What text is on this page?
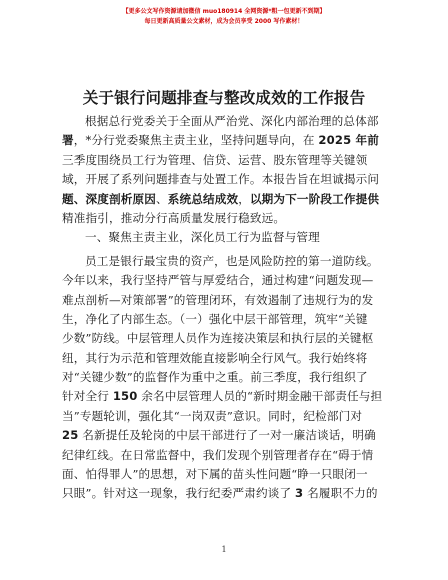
【更多公文写作资源请加微信 muo180914 全网资源*粗一包更新不到期】
每日更新高质量公文素材，成为会员享受 2000 写作素材！
关于银行问题排查与整改成效的工作报告
根据总行党委关于全面从严治党、深化内部治理的总体部
署，*分行党委聚焦主责主业，坚持问题导向，在 2025 年前
三季度围绕员工行为管理、信贷、运营、股东管理等关键领
域，开展了系列问题排查与处置工作。本报告旨在坦诚揭示问
题、深度剖析原因、系统总结成效，以期为下一阶段工作提供
精准指引，推动分行高质量发展行稳致远。
一、聚焦主责主业，深化员工行为监督与管理
员工是银行最宝贵的资产，也是风险防控的第一道防线。
今年以来，我行坚持严管与厚爱结合，通过构建“问题发现—
难点剖析—对策部署”的管理闭环，有效遏制了违规行为的发
生，净化了内部生态。（一）强化中层干部管理，筑牢“关键
少数”防线。中层管理人员作为连接决策层和执行层的关键枢
纽，其行为示范和管理效能直接影响全行风气。我行始终将
对“关键少数”的监督作为重中之重。前三季度，我行组织了
针对全行 150 余名中层管理人员的“新时期金融干部责任与担
当”专题轮训，强化其“一岗双责”意识。同时，纪检部门对
25 名新提任及轮岗的中层干部进行了一对一廉洁谈话，明确
纪律红线。在日常监督中，我们发现个别管理者存在“碍于情
面、怕得罪人”的思想，对下属的苗头性问题“睁一只眼闭一
只眼”。针对这一现象，我行纪委严肃约谈了 3 名履职不力的
1
